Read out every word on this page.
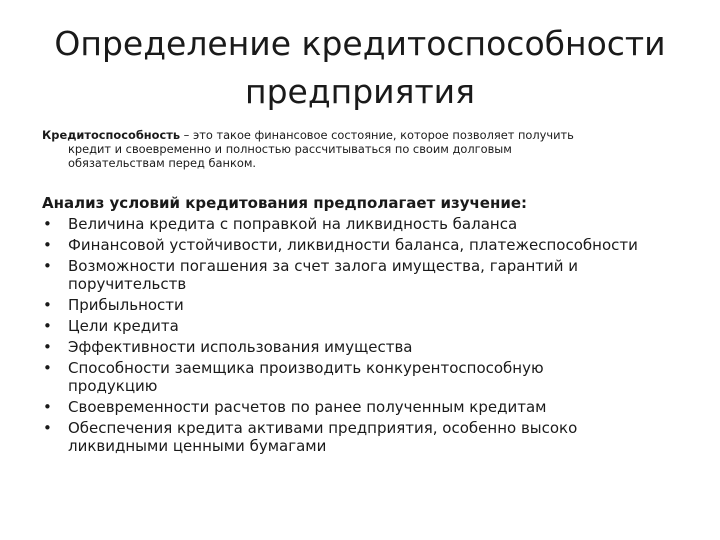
Определение кредитоспособности
предприятия

Кредитоспособность – это такое финансовое состояние, которое позволяет получить
кредит и своевременно и полностью рассчитываться по своим долговым
обязательствам перед банком.

Анализ условий кредитования предполагает изучение:

• Величина кредита с поправкой на ликвидность баланса
• Финансовой устойчивости, ликвидности баланса, платежеспособности
• Возможности погашения за счет залога имущества, гарантий и
поручительств
• Прибыльности
• Цели кредита
• Эффективности использования имущества
• Способности заемщика производить конкурентоспособную
продукцию
• Своевременности расчетов по ранее полученным кредитам
• Обеспечения кредита активами предприятия, особенно высоко
ликвидными ценными бумагами
